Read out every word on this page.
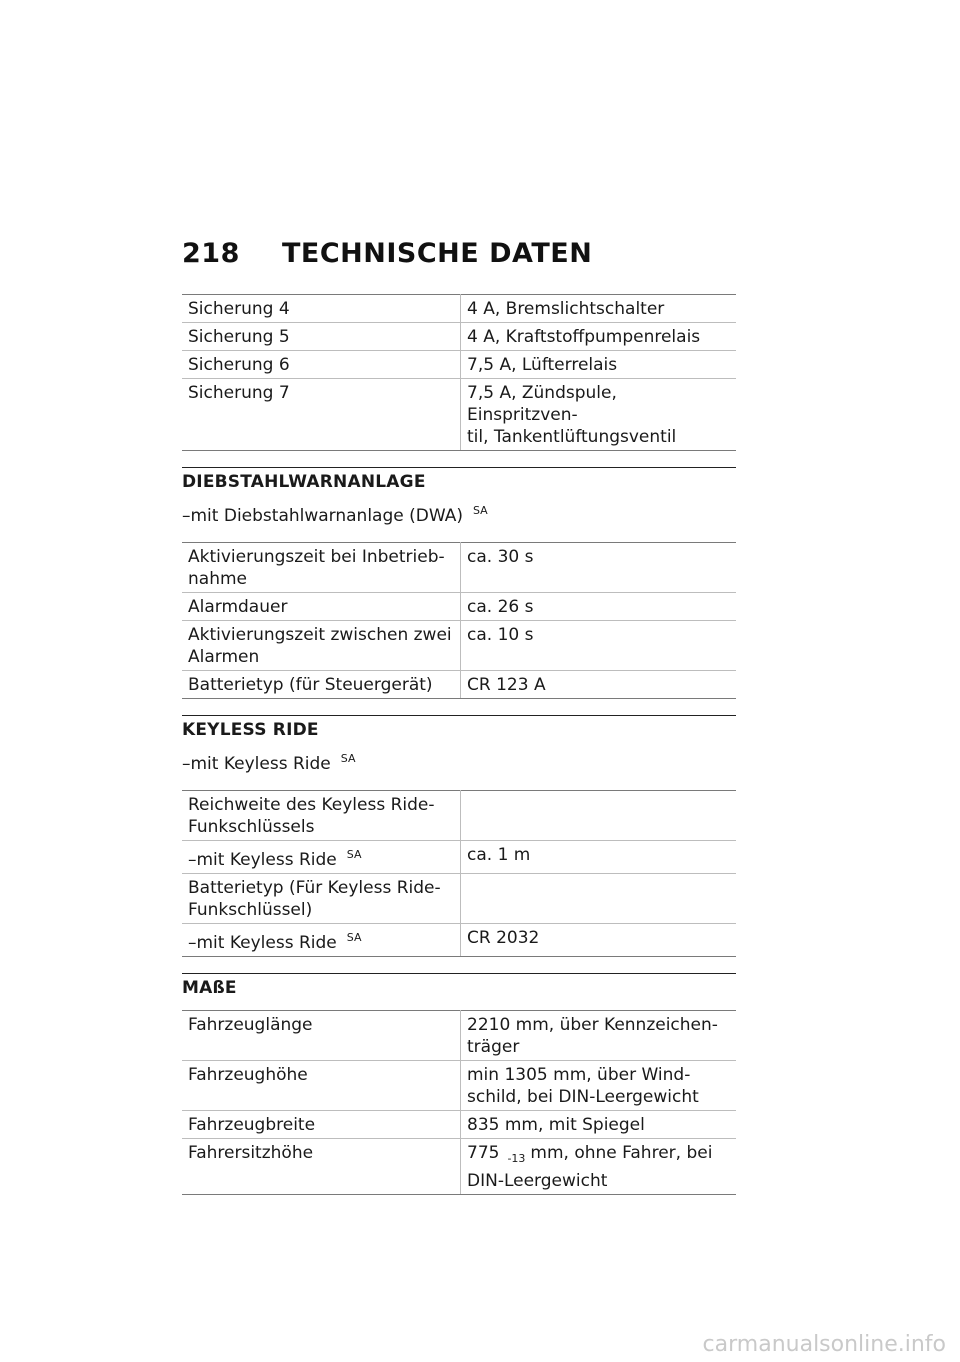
218	TECHNISCHE DATEN
Sicherung 4	4 A, Bremslichtschalter
Sicherung 5	4 A, Kraftstoffpumpenrelais
Sicherung 6	7,5 A, Lüfterrelais
Sicherung 7	7,5 A, Zündspule, Einspritzven-
til, Tankentlüftungsventil
DIEBSTAHLWARNANLAGE
–mit Diebstahlwarnanlage (DWA) $^{SA}$
Aktivierungszeit bei Inbetrieb-
nahme	ca. 30 s
Alarmdauer	ca. 26 s
Aktivierungszeit zwischen zwei
Alarmen	ca. 10 s
Batterietyp (für Steuergerät)	CR 123 A
KEYLESS RIDE
–mit Keyless Ride $^{SA}$
Reichweite des Keyless Ride-
Funkschlüssels	
–mit Keyless Ride $^{SA}$	ca. 1 m
Batterietyp (Für Keyless Ride-
Funkschlüssel)	
–mit Keyless Ride $^{SA}$	CR 2032
MAßE
Fahrzeuglänge	2210 mm, über Kennzeichen-
träger
Fahrzeughöhe	min 1305 mm, über Wind-
schild, bei DIN-Leergewicht
Fahrzeugbreite	835 mm, mit Spiegel
Fahrersitzhöhe	775 $_{-13}$ mm, ohne Fahrer, bei
DIN-Leergewicht
carmanualsonline.info
